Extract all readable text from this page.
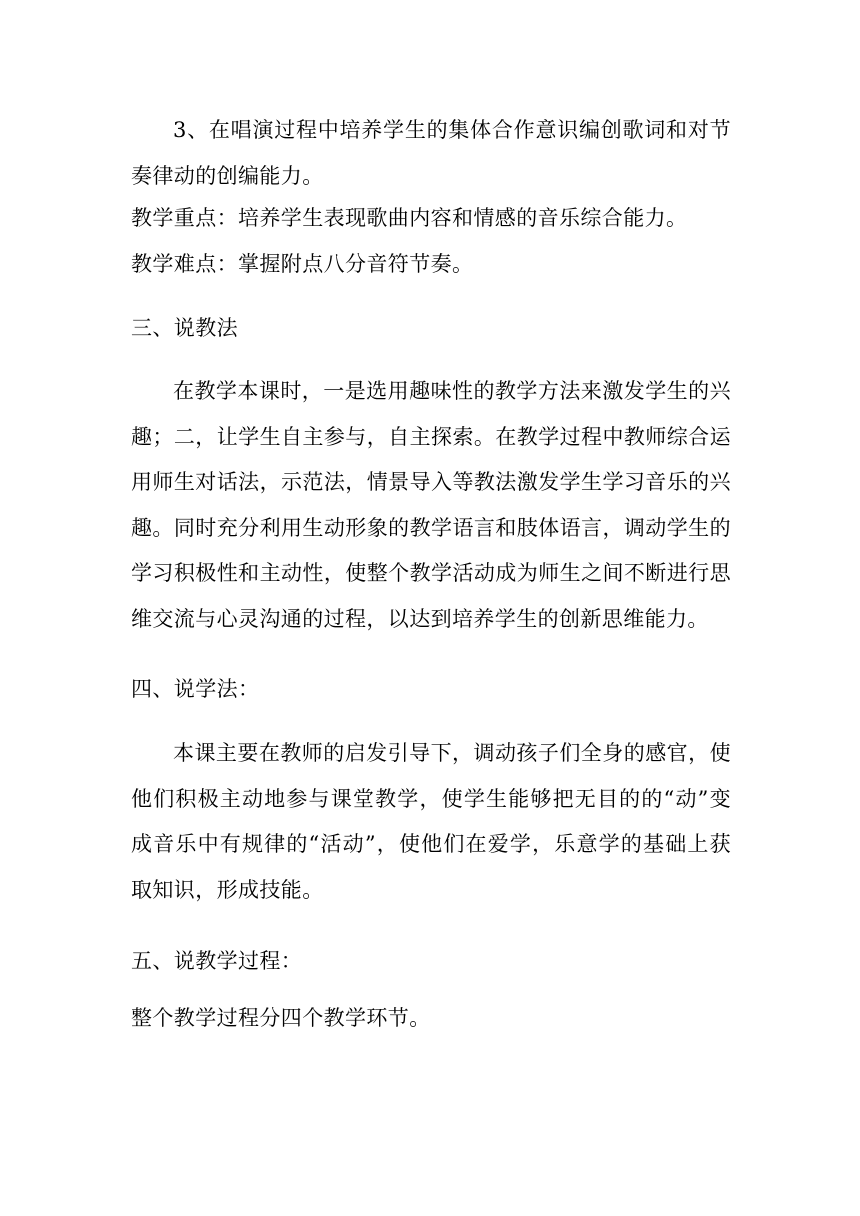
3、在唱演过程中培养学生的集体合作意识编创歌词和对节奏律动的创编能力。

教学重点：培养学生表现歌曲内容和情感的音乐综合能力。

教学难点：掌握附点八分音符节奏。

三、说教法

在教学本课时，一是选用趣味性的教学方法来激发学生的兴趣；二，让学生自主参与，自主探索。在教学过程中教师综合运用师生对话法，示范法，情景导入等教法激发学生学习音乐的兴趣。同时充分利用生动形象的教学语言和肢体语言，调动学生的学习积极性和主动性，使整个教学活动成为师生之间不断进行思维交流与心灵沟通的过程，以达到培养学生的创新思维能力。

四、说学法：

本课主要在教师的启发引导下，调动孩子们全身的感官，使他们积极主动地参与课堂教学，使学生能够把无目的的“动”变成音乐中有规律的“活动”，使他们在爱学，乐意学的基础上获取知识，形成技能。

五、说教学过程：

整个教学过程分四个教学环节。
